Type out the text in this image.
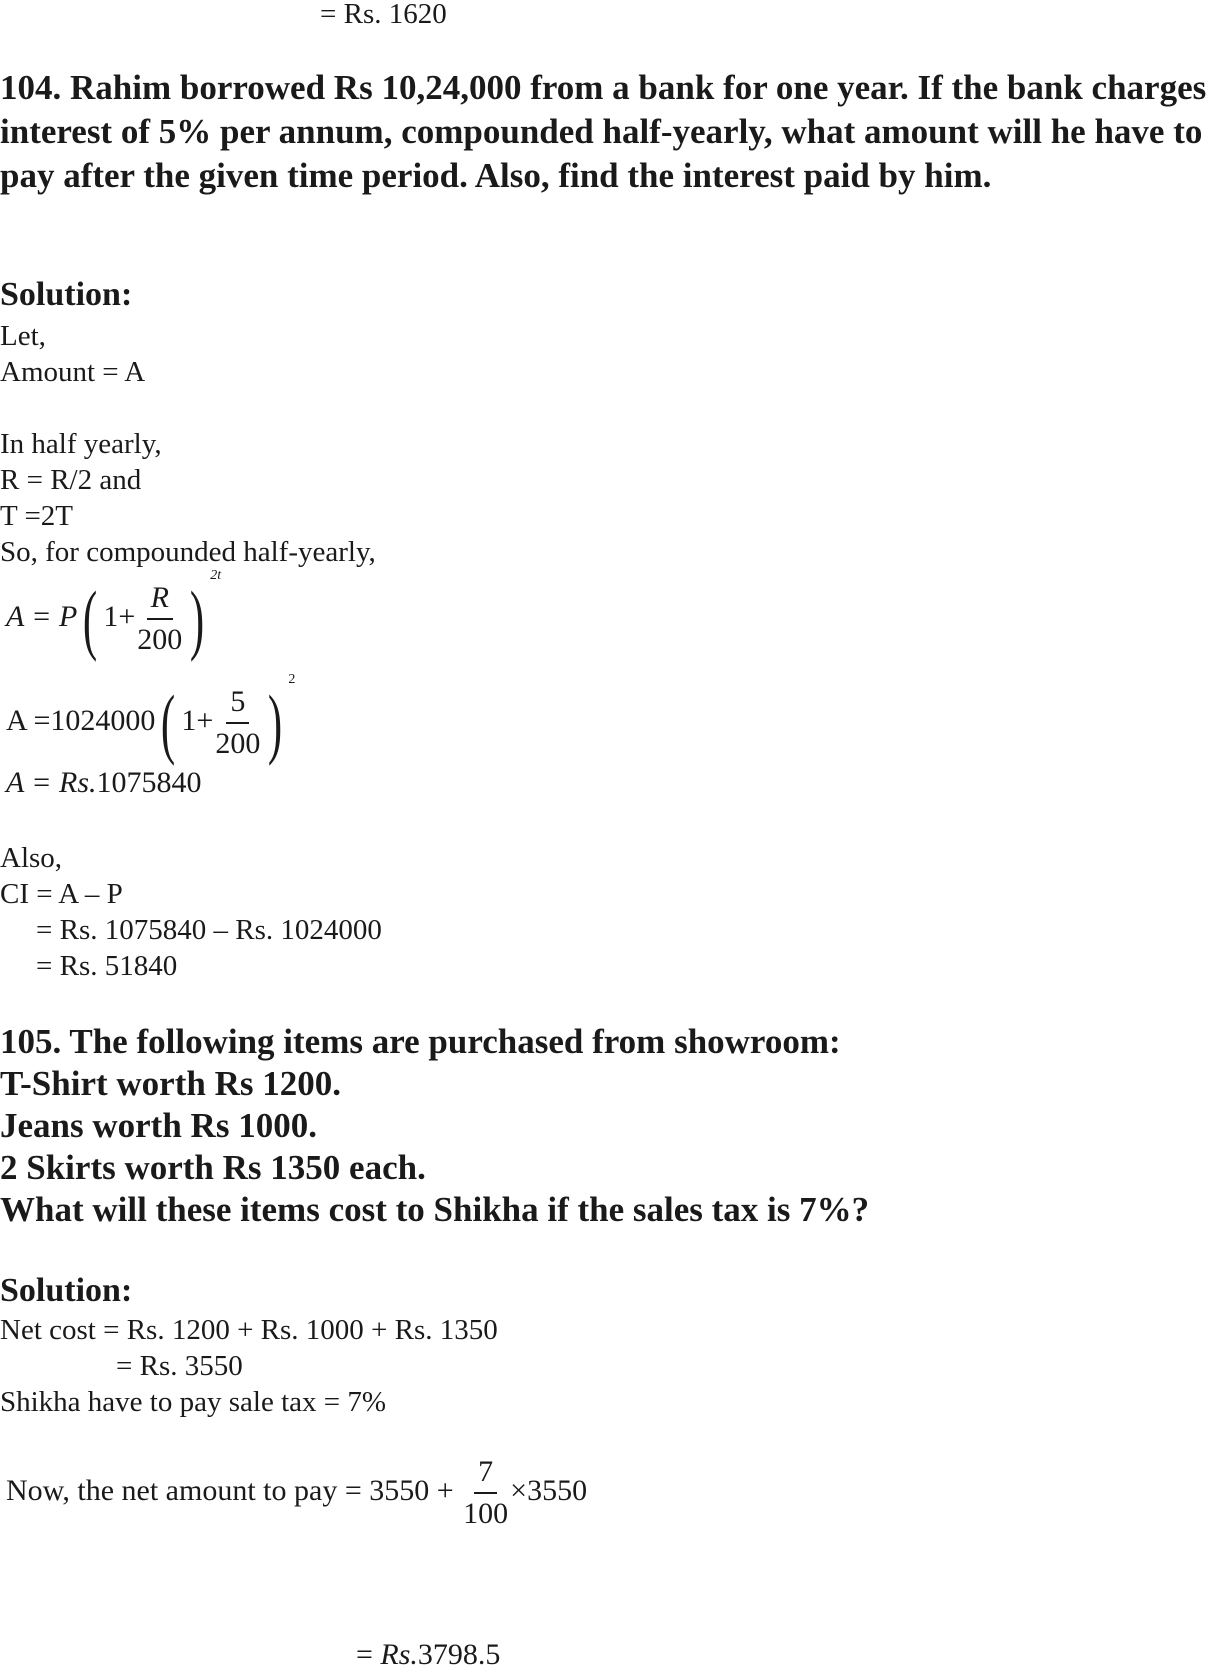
= Rs. 1620
104. Rahim borrowed Rs 10,24,000 from a bank for one year. If the bank charges interest of 5% per annum, compounded half-yearly, what amount will he have to pay after the given time period. Also, find the interest paid by him.
Solution:
Let,
Amount = A
In half yearly,
R = R/2 and
T =2T
So, for compounded half-yearly,
A = P( $1+ \frac{R}{200}$ ) $^{2t}$
A =1024000( $1+ \frac{5}{200}$ ) $^2$
A = Rs.1075840
Also,
CI = A – P
= Rs. 1075840 – Rs. 1024000
= Rs. 51840
105. The following items are purchased from showroom:
T-Shirt worth Rs 1200.
Jeans worth Rs 1000.
2 Skirts worth Rs 1350 each.
What will these items cost to Shikha if the sales tax is 7%?
Solution:
Net cost = Rs. 1200 + Rs. 1000 + Rs. 1350
= Rs. 3550
Shikha have to pay sale tax = 7%
Now, the net amount to pay = $3550 + \frac{7}{100} \times 3550$
= Rs.3798.5
